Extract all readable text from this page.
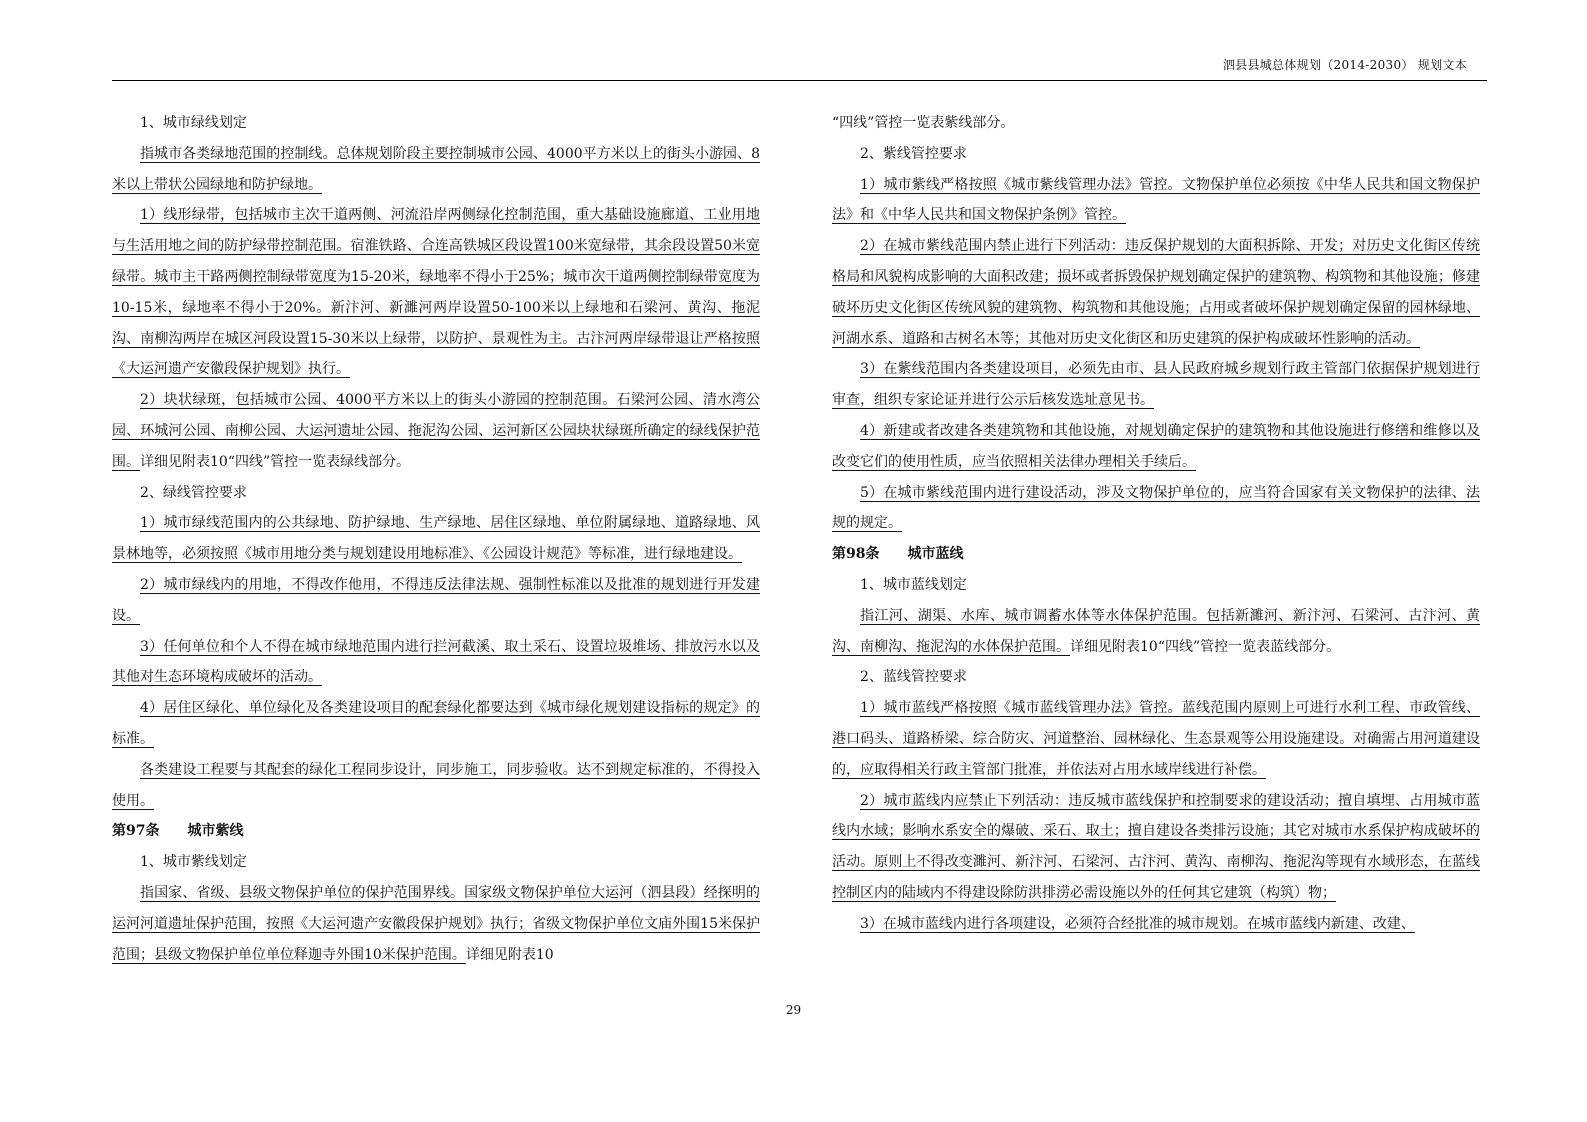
泗县县城总体规划（2014-2030） 规划文本

1、城市绿线划定

指城市各类绿地范围的控制线。总体规划阶段主要控制城市公园、4000平方米以上的街头小游园、8米以上带状公园绿地和防护绿地。

1）线形绿带，包括城市主次干道两侧、河流沿岸两侧绿化控制范围，重大基础设施廊道、工业用地与生活用地之间的防护绿带控制范围。宿淮铁路、合连高铁城区段设置100米宽绿带，其余段设置50米宽绿带。城市主干路两侧控制绿带宽度为15-20米，绿地率不得小于25%；城市次干道两侧控制绿带宽度为10-15米，绿地率不得小于20%。新汴河、新濉河两岸设置50-100米以上绿地和石梁河、黄沟、拖泥沟、南柳沟两岸在城区河段设置15-30米以上绿带，以防护、景观性为主。古汴河两岸绿带退让严格按照《大运河遗产安徽段保护规划》执行。

2）块状绿斑，包括城市公园、4000平方米以上的街头小游园的控制范围。石梁河公园、清水湾公园、环城河公园、南柳公园、大运河遗址公园、拖泥沟公园、运河新区公园块状绿斑所确定的绿线保护范围。详细见附表10“四线”管控一览表绿线部分。

2、绿线管控要求

1）城市绿线范围内的公共绿地、防护绿地、生产绿地、居住区绿地、单位附属绿地、道路绿地、风景林地等，必须按照《城市用地分类与规划建设用地标准》、《公园设计规范》等标准，进行绿地建设。

2）城市绿线内的用地，不得改作他用，不得违反法律法规、强制性标准以及批准的规划进行开发建设。

3）任何单位和个人不得在城市绿地范围内进行拦河截溪、取土采石、设置垃圾堆场、排放污水以及其他对生态环境构成破坏的活动。

4）居住区绿化、单位绿化及各类建设项目的配套绿化都要达到《城市绿化规划建设指标的规定》的标准。

各类建设工程要与其配套的绿化工程同步设计，同步施工，同步验收。达不到规定标准的，不得投入使用。

第97条 城市紫线

1、城市紫线划定

指国家、省级、县级文物保护单位的保护范围界线。国家级文物保护单位大运河（泗县段）经探明的运河河道遗址保护范围，按照《大运河遗产安徽段保护规划》执行；省级文物保护单位文庙外围15米保护范围；县级文物保护单位单位释迦寺外围10米保护范围。详细见附表10

“四线”管控一览表紫线部分。

2、紫线管控要求

1）城市紫线严格按照《城市紫线管理办法》管控。文物保护单位必须按《中华人民共和国文物保护法》和《中华人民共和国文物保护条例》管控。

2）在城市紫线范围内禁止进行下列活动：违反保护规划的大面积拆除、开发；对历史文化街区传统格局和风貌构成影响的大面积改建；损坏或者拆毁保护规划确定保护的建筑物、构筑物和其他设施；修建破坏历史文化街区传统风貌的建筑物、构筑物和其他设施；占用或者破坏保护规划确定保留的园林绿地、河湖水系、道路和古树名木等；其他对历史文化街区和历史建筑的保护构成破坏性影响的活动。

3）在紫线范围内各类建设项目，必须先由市、县人民政府城乡规划行政主管部门依据保护规划进行审查，组织专家论证并进行公示后核发选址意见书。

4）新建或者改建各类建筑物和其他设施，对规划确定保护的建筑物和其他设施进行修缮和维修以及改变它们的使用性质，应当依照相关法律办理相关手续后。

5）在城市紫线范围内进行建设活动，涉及文物保护单位的，应当符合国家有关文物保护的法律、法规的规定。

第98条 城市蓝线

1、城市蓝线划定

指江河、湖渠、水库、城市调蓄水体等水体保护范围。包括新濉河、新汴河、石梁河、古汴河、黄沟、南柳沟、拖泥沟的水体保护范围。详细见附表10“四线”管控一览表蓝线部分。

2、蓝线管控要求

1）城市蓝线严格按照《城市蓝线管理办法》管控。蓝线范围内原则上可进行水利工程、市政管线、港口码头、道路桥梁、综合防灾、河道整治、园林绿化、生态景观等公用设施建设。对确需占用河道建设的，应取得相关行政主管部门批准，并依法对占用水域岸线进行补偿。

2）城市蓝线内应禁止下列活动：违反城市蓝线保护和控制要求的建设活动；擅自填埋、占用城市蓝线内水域；影响水系安全的爆破、采石、取土；擅自建设各类排污设施；其它对城市水系保护构成破坏的活动。原则上不得改变濉河、新汴河、石梁河、古汴河、黄沟、南柳沟、拖泥沟等现有水域形态，在蓝线控制区内的陆域内不得建设除防洪排涝必需设施以外的任何其它建筑（构筑）物；

3）在城市蓝线内进行各项建设，必须符合经批准的城市规划。在城市蓝线内新建、改建、

29
